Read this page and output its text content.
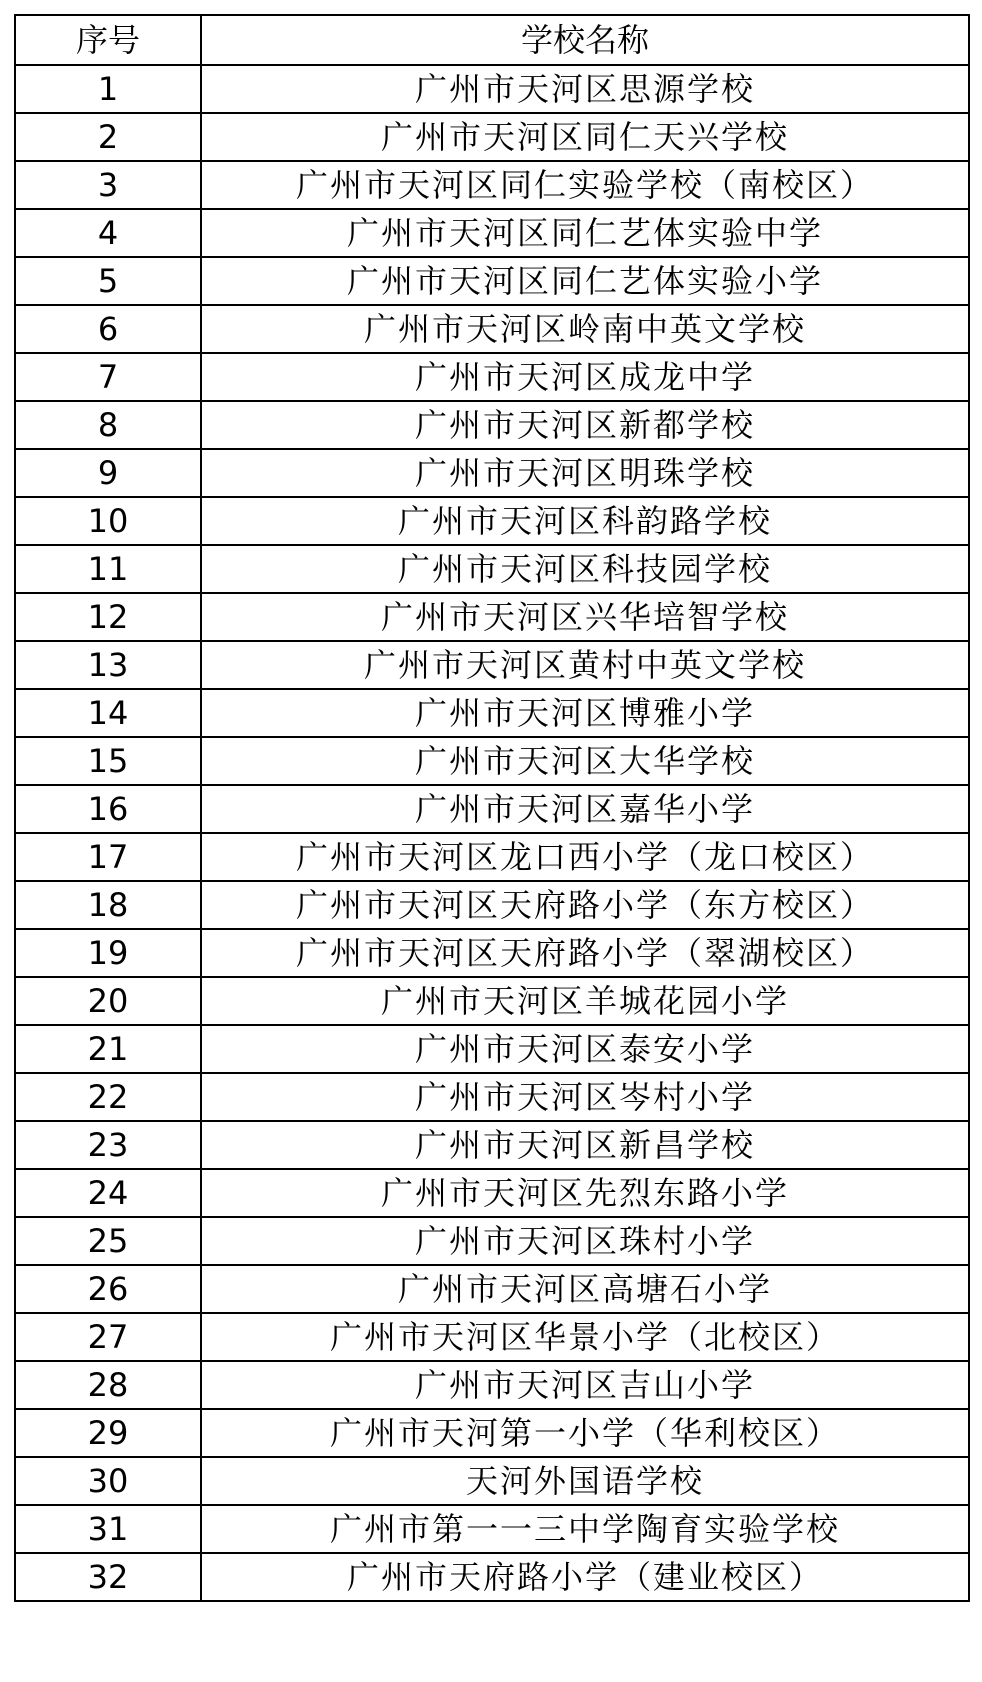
序号	学校名称
1	广州市天河区思源学校
2	广州市天河区同仁天兴学校
3	广州市天河区同仁实验学校（南校区）
4	广州市天河区同仁艺体实验中学
5	广州市天河区同仁艺体实验小学
6	广州市天河区岭南中英文学校
7	广州市天河区成龙中学
8	广州市天河区新都学校
9	广州市天河区明珠学校
10	广州市天河区科韵路学校
11	广州市天河区科技园学校
12	广州市天河区兴华培智学校
13	广州市天河区黄村中英文学校
14	广州市天河区博雅小学
15	广州市天河区大华学校
16	广州市天河区嘉华小学
17	广州市天河区龙口西小学（龙口校区）
18	广州市天河区天府路小学（东方校区）
19	广州市天河区天府路小学（翠湖校区）
20	广州市天河区羊城花园小学
21	广州市天河区泰安小学
22	广州市天河区岑村小学
23	广州市天河区新昌学校
24	广州市天河区先烈东路小学
25	广州市天河区珠村小学
26	广州市天河区高塘石小学
27	广州市天河区华景小学（北校区）
28	广州市天河区吉山小学
29	广州市天河第一小学（华利校区）
30	天河外国语学校
31	广州市第一一三中学陶育实验学校
32	广州市天府路小学（建业校区）
